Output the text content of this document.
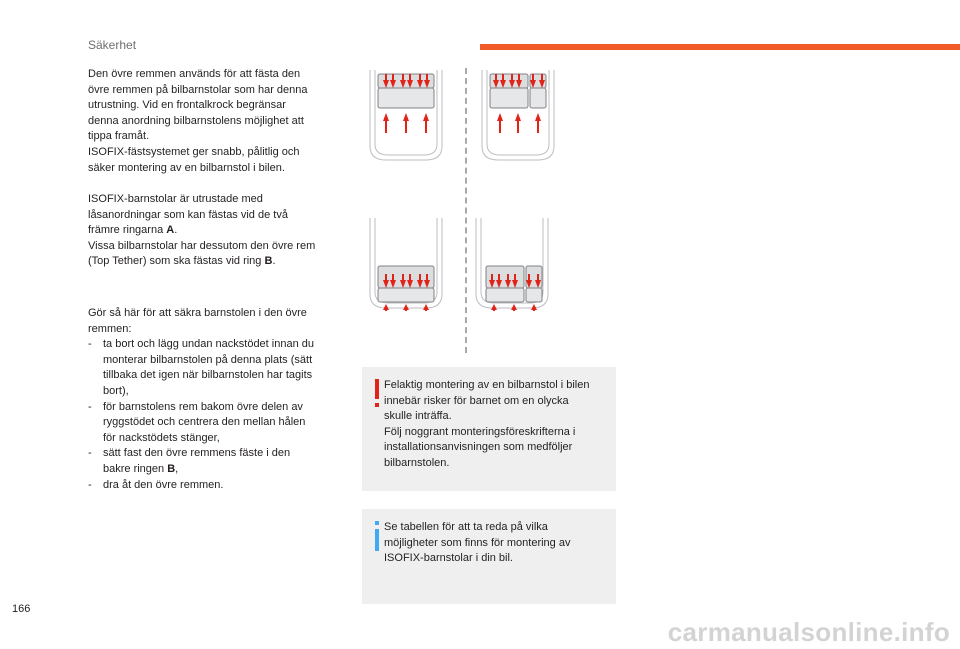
Säkerhet

Den övre remmen används för att fästa den

övre remmen på bilbarnstolar som har denna

utrustning. Vid en frontalkrock begränsar

denna anordning bilbarnstolens möjlighet att

tippa framåt.

ISOFIX-fästsystemet ger snabb, pålitlig och

säker montering av en bilbarnstol i bilen.

ISOFIX-barnstolar är utrustade med

låsanordningar som kan fästas vid de två

främre ringarna A.

Vissa bilbarnstolar har dessutom den övre rem

(Top Tether) som ska fästas vid ring B.

Gör så här för att säkra barnstolen i den övre

remmen:

- ta bort och lägg undan nackstödet innan du
monterar bilbarnstolen på denna plats (sätt
tillbaka det igen när bilbarnstolen har tagits
bort),
- för barnstolens rem bakom övre delen av
ryggstödet och centrera den mellan hålen
för nackstödets stänger,
- sätt fast den övre remmens fäste i den
bakre ringen B,
- dra åt den övre remmen.

Felaktig montering av en bilbarnstol i bilen

innebär risker för barnet om en olycka

skulle inträffa.

Följ noggrant monteringsföreskrifterna i

installationsanvisningen som medföljer

bilbarnstolen.

Se tabellen för att ta reda på vilka

möjligheter som finns för montering av

ISOFIX-barnstolar i din bil.

166
carmanualsonline.info
